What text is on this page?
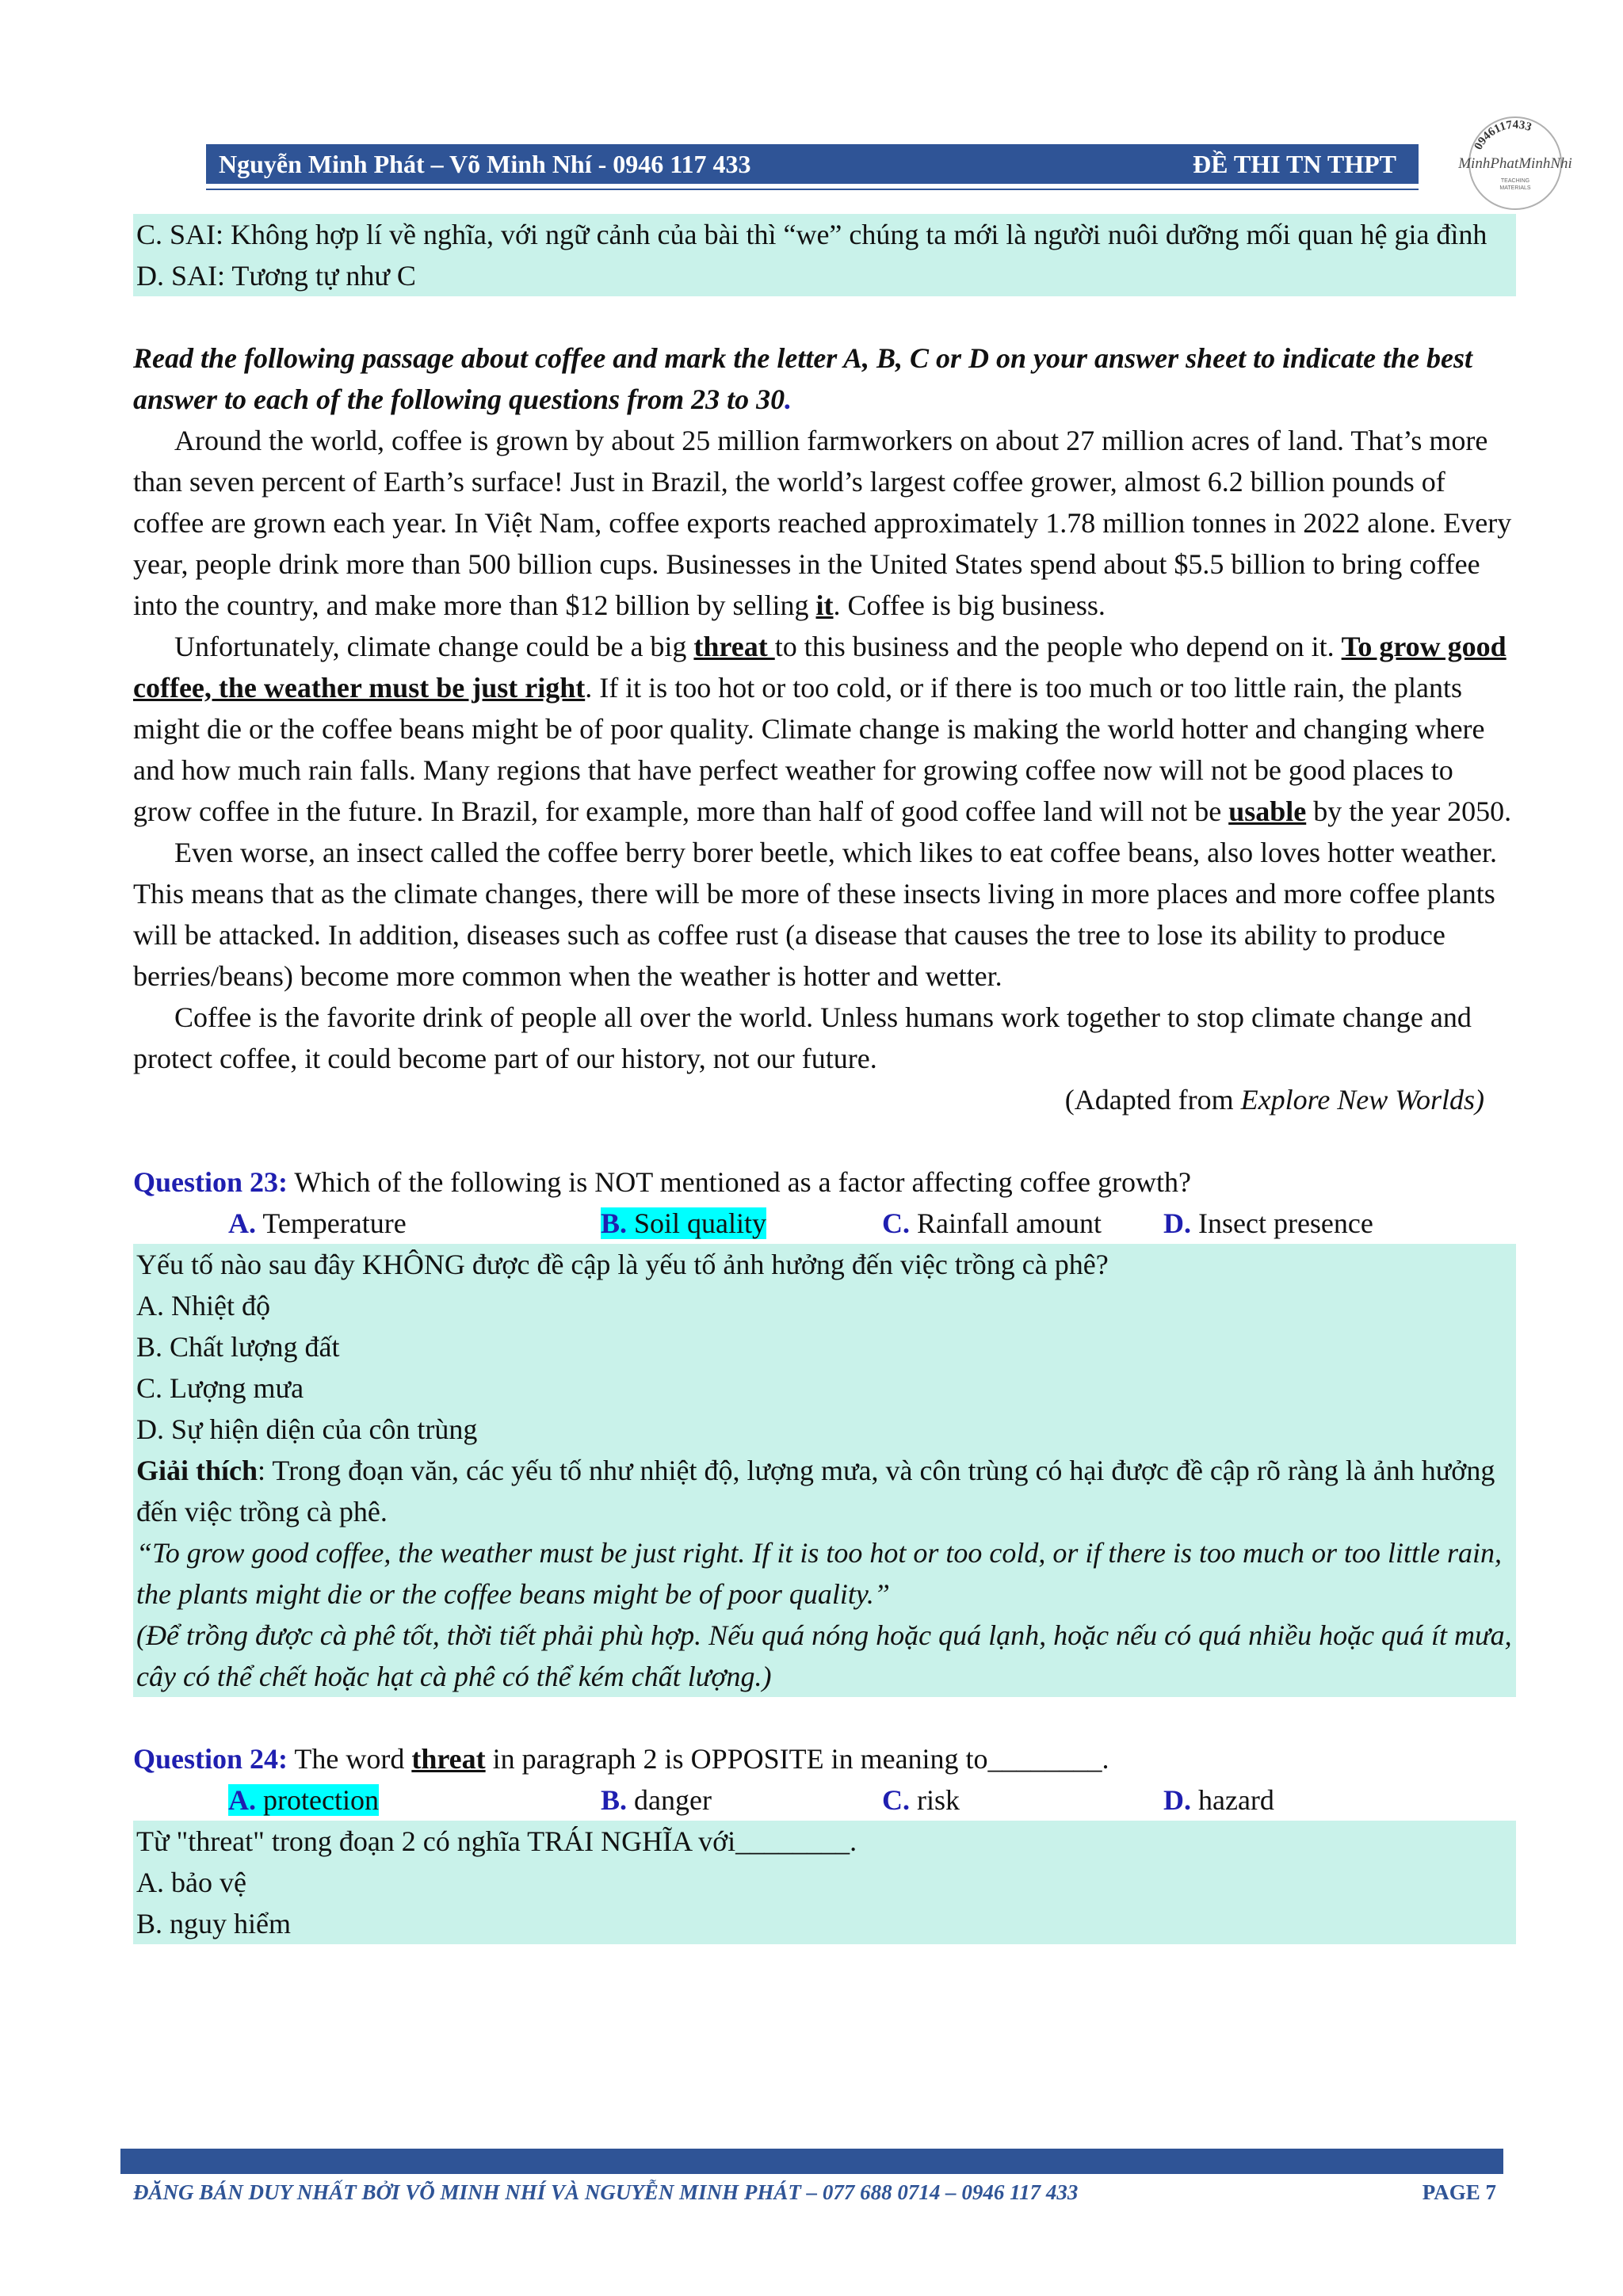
Nguyễn Minh Phát – Võ Minh Nhí - 0946 117 433	ĐỀ THI TN THPT
0946117433
MinhPhatMinhNhi
TEACHING
MATERIALS

C. SAI: Không hợp lí về nghĩa, với ngữ cảnh của bài thì “we” chúng ta mới là người nuôi dưỡng mối quan hệ gia đình

D. SAI: Tương tự như C

Read the following passage about coffee and mark the letter A, B, C or D on your answer sheet to indicate the best answer to each of the following questions from 23 to 30.

Around the world, coffee is grown by about 25 million farmworkers on about 27 million acres of land. That’s more than seven percent of Earth’s surface! Just in Brazil, the world’s largest coffee grower, almost 6.2 billion pounds of coffee are grown each year. In Việt Nam, coffee exports reached approximately 1.78 million tonnes in 2022 alone. Every year, people drink more than 500 billion cups. Businesses in the United States spend about $5.5 billion to bring coffee into the country, and make more than $12 billion by selling it. Coffee is big business.

Unfortunately, climate change could be a big threat to this business and the people who depend on it. To grow good coffee, the weather must be just right. If it is too hot or too cold, or if there is too much or too little rain, the plants might die or the coffee beans might be of poor quality. Climate change is making the world hotter and changing where and how much rain falls. Many regions that have perfect weather for growing coffee now will not be good places to grow coffee in the future. In Brazil, for example, more than half of good coffee land will not be usable by the year 2050.

Even worse, an insect called the coffee berry borer beetle, which likes to eat coffee beans, also loves hotter weather. This means that as the climate changes, there will be more of these insects living in more places and more coffee plants will be attacked. In addition, diseases such as coffee rust (a disease that causes the tree to lose its ability to produce berries/beans) become more common when the weather is hotter and wetter.

Coffee is the favorite drink of people all over the world. Unless humans work together to stop climate change and protect coffee, it could become part of our history, not our future.

(Adapted from Explore New Worlds)

Question 23: Which of the following is NOT mentioned as a factor affecting coffee growth?

A. Temperature	B. Soil quality	C. Rainfall amount	D. Insect presence

Yếu tố nào sau đây KHÔNG được đề cập là yếu tố ảnh hưởng đến việc trồng cà phê?

A. Nhiệt độ

B. Chất lượng đất

C. Lượng mưa

D. Sự hiện diện của côn trùng

Giải thích: Trong đoạn văn, các yếu tố như nhiệt độ, lượng mưa, và côn trùng có hại được đề cập rõ ràng là ảnh hưởng đến việc trồng cà phê.

“To grow good coffee, the weather must be just right. If it is too hot or too cold, or if there is too much or too little rain, the plants might die or the coffee beans might be of poor quality.”

(Để trồng được cà phê tốt, thời tiết phải phù hợp. Nếu quá nóng hoặc quá lạnh, hoặc nếu có quá nhiều hoặc quá ít mưa, cây có thể chết hoặc hạt cà phê có thể kém chất lượng.)

Question 24: The word threat in paragraph 2 is OPPOSITE in meaning to________.

A. protection	B. danger	C. risk	D. hazard

Từ "threat" trong đoạn 2 có nghĩa TRÁI NGHĨA với________.

A. bảo vệ

B. nguy hiểm

ĐĂNG BÁN DUY NHẤT BỞI VÕ MINH NHÍ VÀ NGUYỄN MINH PHÁT – 077 688 0714 – 0946 117 433	PAGE 7
